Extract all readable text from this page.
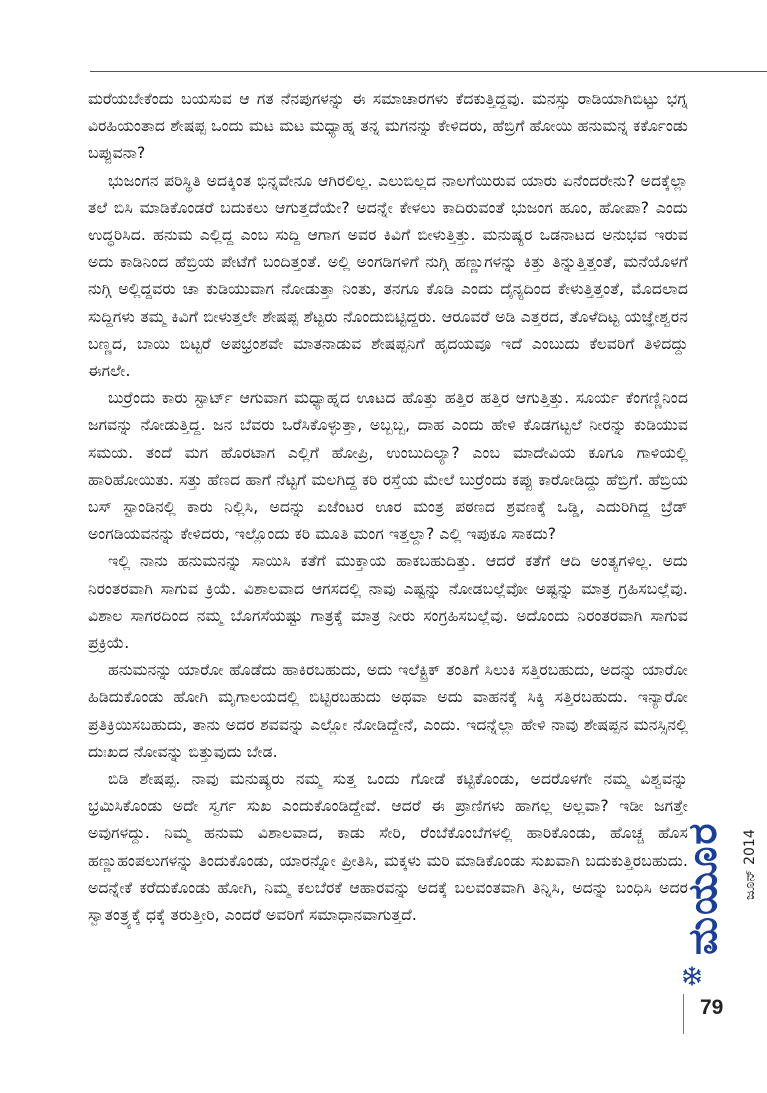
ಮರೆಯಬೇಕೆಂದು ಬಯಸುವ ಆ ಗತ ನೆನಪುಗಳನ್ನು ಈ ಸಮಾಚಾರಗಳು ಕೆದಕುತ್ತಿದ್ದವು. ಮನಸ್ಸು ರಾಡಿಯಾಗಿಬಿಟ್ಟು ಭಗ್ನ ವಿರಹಿಯಂತಾದ ಶೇಷಪ್ಪ ಒಂದು ಮಟ ಮಟ ಮಧ್ಯಾಹ್ನ ತನ್ನ ಮಗನನ್ನು ಕೇಳಿದರು, ಹೆಬ್ರಿಗೆ ಹೋಯಿ ಹನುಮನ್ನ ಕರ್ಕೊಂಡು ಬಪ್ಪುವನಾ?

ಭುಜಂಗನ ಪರಿಸ್ಥಿತಿ ಅದಕ್ಕಿಂತ ಭಿನ್ನವೇನೂ ಆಗಿರಲಿಲ್ಲ. ಎಲುಬಿಲ್ಲದ ನಾಲಗೆಯಿರುವ ಯಾರು ಏನೆಂದರೇನು? ಅದಕ್ಕೆಲ್ಲಾ ತಲೆ ಬಿಸಿ ಮಾಡಿಕೊಂಡರೆ ಬದುಕಲು ಆಗುತ್ತದೆಯೇ? ಅದನ್ನೇ ಕೇಳಲು ಕಾದಿರುವಂತೆ ಭುಜಂಗ ಹೂಂ, ಹೋಪಾ? ಎಂದು ಉದ್ಧರಿಸಿದ. ಹನುಮ ಎಲ್ಲಿದ್ದ ಎಂಬ ಸುದ್ದಿ ಆಗಾಗ ಅವರ ಕಿವಿಗೆ ಬೀಳುತ್ತಿತ್ತು. ಮನುಷ್ಯರ ಒಡನಾಟದ ಅನುಭವ ಇರುವ ಅದು ಕಾಡಿನಿಂದ ಹೆಬ್ರಿಯ ಪೇಟೆಗೆ ಬಂದಿತ್ತಂತೆ. ಅಲ್ಲಿ ಅಂಗಡಿಗಳಿಗೆ ನುಗ್ಗಿ ಹಣ್ಣುಗಳನ್ನು ಕಿತ್ತು ತಿನ್ನುತ್ತಿತ್ತಂತೆ, ಮನೆಯೊಳಗೆ ನುಗ್ಗಿ ಅಲ್ಲಿದ್ದವರು ಚಾ ಕುಡಿಯುವಾಗ ನೋಡುತ್ತಾ ನಿಂತು, ತನಗೂ ಕೊಡಿ ಎಂದು ದೈನ್ಯದಿಂದ ಕೇಳುತ್ತಿತ್ತಂತೆ, ಮೊದಲಾದ ಸುದ್ದಿಗಳು ತಮ್ಮ ಕಿವಿಗೆ ಬೀಳುತ್ತಲೇ ಶೇಷಪ್ಪ ಶೆಟ್ಟರು ನೊಂದುಬಿಟ್ಟಿದ್ದರು. ಆರೂವರೆ ಅಡಿ ಎತ್ತರದ, ತೊಳೆದಿಟ್ಟ ಯಜ್ಞೇಶ್ವರನ ಬಣ್ಣದ, ಬಾಯಿ ಬಿಟ್ಟರೆ ಅಪಭ್ರಂಶವೇ ಮಾತನಾಡುವ ಶೇಷಪ್ಪನಿಗೆ ಹೃದಯವೂ ಇದೆ ಎಂಬುದು ಕೆಲವರಿಗೆ ತಿಳಿದದ್ದು ಈಗಲೇ.

ಬುರ್‍ರೆಂದು ಕಾರು ಸ್ಟಾರ್ಟ್ ಆಗುವಾಗ ಮಧ್ಯಾಹ್ನದ ಊಟದ ಹೊತ್ತು ಹತ್ತಿರ ಹತ್ತಿರ ಆಗುತ್ತಿತ್ತು. ಸೂರ್ಯ ಕೆಂಗಣ್ಣಿನಿಂದ ಜಗವನ್ನು ನೋಡುತ್ತಿದ್ದ. ಜನ ಬೆವರು ಒರೆಸಿಕೊಳ್ಳುತ್ತಾ, ಅಬ್ಬಬ್ಬ, ದಾಹ ಎಂದು ಹೇಳಿ ಕೊಡಗಟ್ಟಲೆ ನೀರನ್ನು ಕುಡಿಯುವ ಸಮಯ. ತಂದೆ ಮಗ ಹೊರಟಾಗ ಎಲ್ಲಿಗೆ ಹೋಪ್ರಿ, ಉಂಬುದಿಲ್ಯಾ? ಎಂಬ ಮಾದೇವಿಯ ಕೂಗೂ ಗಾಳಿಯಲ್ಲಿ ಹಾರಿಹೋಯಿತು. ಸತ್ತು ಹೆಣದ ಹಾಗೆ ನೆಟ್ಟಗೆ ಮಲಗಿದ್ದ ಕರಿ ರಸ್ತೆಯ ಮೇಲೆ ಬುರ್‍ರೆಂದು ಕಪ್ಪು ಕಾರೋಡಿದ್ದು ಹೆಬ್ರಿಗೆ. ಹೆಬ್ರಿಯ ಬಸ್ ಸ್ಟಾಂಡಿನಲ್ಲಿ ಕಾರು ನಿಲ್ಲಿಸಿ, ಅದನ್ನು ಏಜೆಂಟರ ಊರ ಮಂತ್ರ ಪಠಣದ ಶ್ರವಣಕ್ಕೆ ಒಡ್ಡಿ, ಎದುರಿಗಿದ್ದ ಬ್ರೆಡ್ ಅಂಗಡಿಯವನನ್ನು ಕೇಳಿದರು, ಇಲ್ಲೊಂದು ಕರಿ ಮೂತಿ ಮಂಗ ಇತ್ತಲ್ದಾ? ಎಲ್ಲಿ ಇಪುಕೂ ಸಾಕದು?

ಇಲ್ಲಿ ನಾನು ಹನುಮನನ್ನು ಸಾಯಿಸಿ ಕತೆಗೆ ಮುಕ್ತಾಯ ಹಾಕಬಹುದಿತ್ತು. ಆದರೆ ಕತೆಗೆ ಆದಿ ಅಂತ್ಯಗಳಿಲ್ಲ. ಅದು ನಿರಂತರವಾಗಿ ಸಾಗುವ ಕ್ರಿಯೆ. ವಿಶಾಲವಾದ ಆಗಸದಲ್ಲಿ ನಾವು ಎಷ್ಟನ್ನು ನೋಡಬಲ್ಲೆವೋ ಅಷ್ಟನ್ನು ಮಾತ್ರ ಗ್ರಹಿಸಬಲ್ಲೆವು. ವಿಶಾಲ ಸಾಗರದಿಂದ ನಮ್ಮ ಬೊಗಸೆಯಷ್ಟು ಗಾತ್ರಕ್ಕೆ ಮಾತ್ರ ನೀರು ಸಂಗ್ರಹಿಸಬಲ್ಲೆವು. ಅದೊಂದು ನಿರಂತರವಾಗಿ ಸಾಗುವ ಪ್ರಕ್ರಿಯೆ.

ಹನುಮನನ್ನು ಯಾರೋ ಹೊಡೆದು ಹಾಕಿರಬಹುದು, ಅದು ಇಲೆಕ್ಟ್ರಿಕ್ ತಂತಿಗೆ ಸಿಲುಕಿ ಸತ್ತಿರಬಹುದು, ಅದನ್ನು ಯಾರೋ ಹಿಡಿದುಕೊಂಡು ಹೋಗಿ ಮೃಗಾಲಯದಲ್ಲಿ ಬಿಟ್ಟಿರಬಹುದು ಅಥವಾ ಅದು ವಾಹನಕ್ಕೆ ಸಿಕ್ಕಿ ಸತ್ತಿರಬಹುದು. ಇನ್ಯಾರೋ ಪ್ರತಿಕ್ರಿಯಿಸಬಹುದು, ತಾನು ಅದರ ಶವವನ್ನು ಎಲ್ಲೋ ನೋಡಿದ್ದೇನೆ, ಎಂದು. ಇದನ್ನೆಲ್ಲಾ ಹೇಳಿ ನಾವು ಶೇಷಪ್ಪನ ಮನಸ್ಸಿನಲ್ಲಿ ದುಃಖದ ನೋವನ್ನು ಬಿತ್ತುವುದು ಬೇಡ.

ಬಿಡಿ ಶೇಷಪ್ಪ. ನಾವು ಮನುಷ್ಯರು ನಮ್ಮ ಸುತ್ತ ಒಂದು ಗೋಡೆ ಕಟ್ಟಿಕೊಂಡು, ಅದರೊಳಗೇ ನಮ್ಮ ವಿಶ್ವವನ್ನು ಭ್ರಮಿಸಿಕೊಂಡು ಅದೇ ಸ್ವರ್ಗ ಸುಖ ಎಂದುಕೊಂಡಿದ್ದೇವೆ. ಆದರೆ ಈ ಪ್ರಾಣಿಗಳು ಹಾಗಲ್ಲ ಅಲ್ಲವಾ? ಇಡೀ ಜಗತ್ತೇ ಅವುಗಳದ್ದು. ನಿಮ್ಮ ಹನುಮ ವಿಶಾಲವಾದ, ಕಾಡು ಸೇರಿ, ರೆಂಬೆಕೊಂಬೆಗಳಲ್ಲಿ ಹಾರಿಕೊಂಡು, ಹೊಚ್ಚ ಹೊಸ ಹಣ್ಣುಹಂಪಲುಗಳನ್ನು ತಿಂದುಕೊಂಡು, ಯಾರನ್ನೋ ಪ್ರೀತಿಸಿ, ಮಕ್ಕಳು ಮರಿ ಮಾಡಿಕೊಂಡು ಸುಖವಾಗಿ ಬದುಕುತ್ತಿರಬಹುದು. ಅದನ್ನೇಕೆ ಕರೆದುಕೊಂಡು ಹೋಗಿ, ನಿಮ್ಮ ಕಲಬೆರಕೆ ಆಹಾರವನ್ನು ಅದಕ್ಕೆ ಬಲವಂತವಾಗಿ ತಿನ್ನಿಸಿ, ಅದನ್ನು ಬಂಧಿಸಿ ಅದರ ಸ್ವಾತಂತ್ರ್ಯಕ್ಕೆ ಧಕ್ಕೆ ತರುತ್ತೀರಿ, ಎಂದರೆ ಅವರಿಗೆ ಸಮಾಧಾನವಾಗುತ್ತದೆ.

ಜೂನ್ 2014
ಮಯೂರ
79
